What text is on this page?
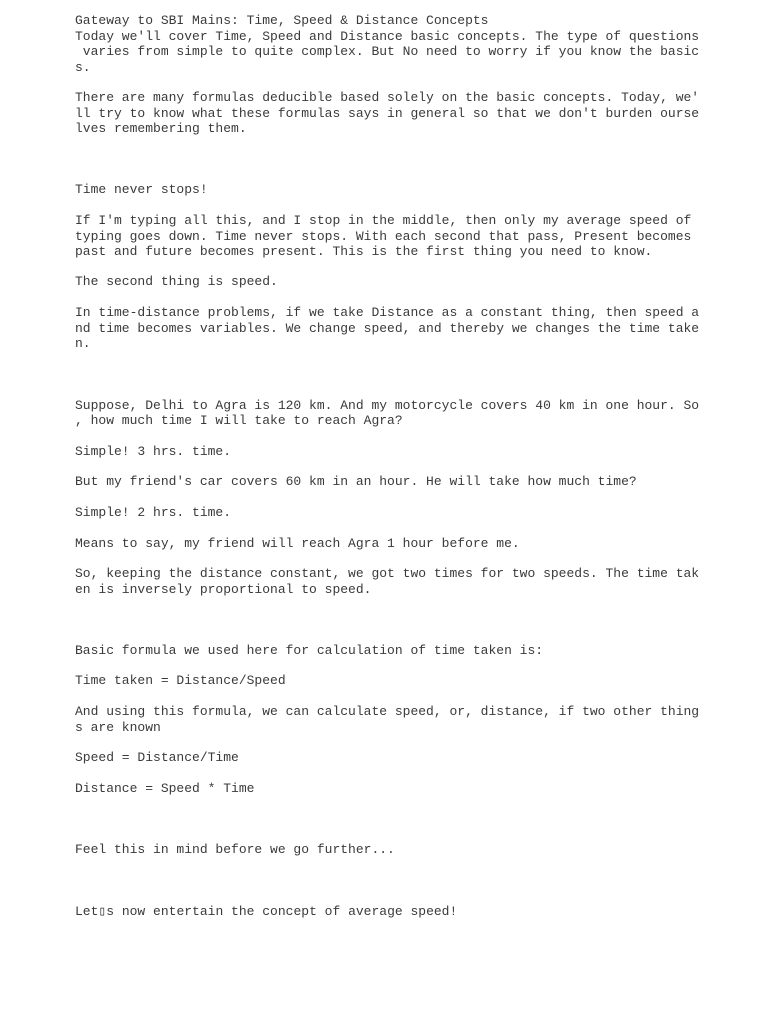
Gateway to SBI Mains: Time, Speed & Distance Concepts
Today we'll cover Time, Speed and Distance basic concepts. The type of questions
varies from simple to quite complex. But No need to worry if you know the basic
s.
There are many formulas deducible based solely on the basic concepts. Today, we'
ll try to know what these formulas says in general so that we don't burden ourse
lves remembering them.
Time never stops!
If I'm typing all this, and I stop in the middle, then only my average speed of
typing goes down. Time never stops. With each second that pass, Present becomes
past and future becomes present. This is the first thing you need to know.
The second thing is speed.
In time-distance problems, if we take Distance as a constant thing, then speed a
nd time becomes variables. We change speed, and thereby we changes the time take
n.
Suppose, Delhi to Agra is 120 km. And my motorcycle covers 40 km in one hour. So
, how much time I will take to reach Agra?
Simple! 3 hrs. time.
But my friend's car covers 60 km in an hour. He will take how much time?
Simple! 2 hrs. time.
Means to say, my friend will reach Agra 1 hour before me.
So, keeping the distance constant, we got two times for two speeds. The time tak
en is inversely proportional to speed.
Basic formula we used here for calculation of time taken is:
Time taken = Distance/Speed
And using this formula, we can calculate speed, or, distance, if two other thing
s are known
Speed = Distance/Time
Distance = Speed * Time
Feel this in mind before we go further...
Let▯s now entertain the concept of average speed!
